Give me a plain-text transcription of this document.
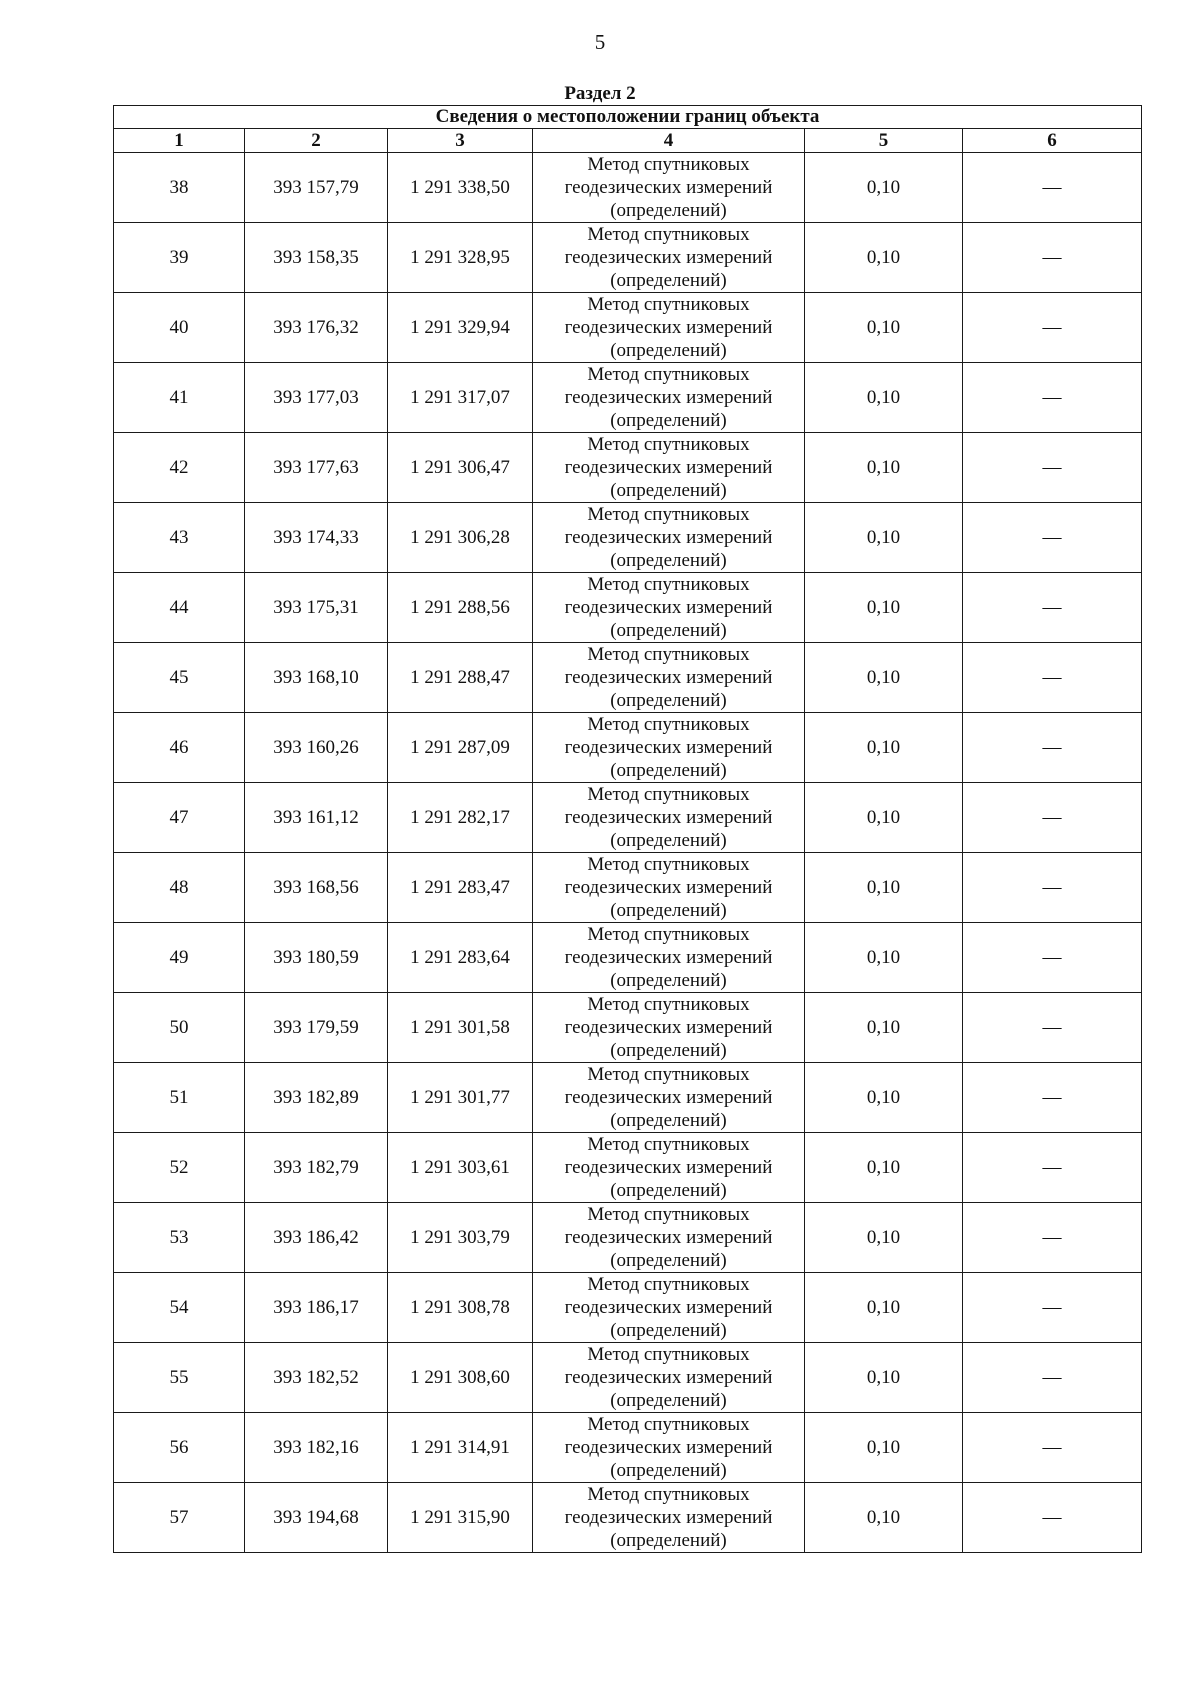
5
Раздел 2
Сведения о местоположении границ объекта					
1	2	3	4	5	6
38	393 157,79	1 291 338,50	Метод спутниковых
геодезических измерений
(определений)	0,10	—
39	393 158,35	1 291 328,95	Метод спутниковых
геодезических измерений
(определений)	0,10	—
40	393 176,32	1 291 329,94	Метод спутниковых
геодезических измерений
(определений)	0,10	—
41	393 177,03	1 291 317,07	Метод спутниковых
геодезических измерений
(определений)	0,10	—
42	393 177,63	1 291 306,47	Метод спутниковых
геодезических измерений
(определений)	0,10	—
43	393 174,33	1 291 306,28	Метод спутниковых
геодезических измерений
(определений)	0,10	—
44	393 175,31	1 291 288,56	Метод спутниковых
геодезических измерений
(определений)	0,10	—
45	393 168,10	1 291 288,47	Метод спутниковых
геодезических измерений
(определений)	0,10	—
46	393 160,26	1 291 287,09	Метод спутниковых
геодезических измерений
(определений)	0,10	—
47	393 161,12	1 291 282,17	Метод спутниковых
геодезических измерений
(определений)	0,10	—
48	393 168,56	1 291 283,47	Метод спутниковых
геодезических измерений
(определений)	0,10	—
49	393 180,59	1 291 283,64	Метод спутниковых
геодезических измерений
(определений)	0,10	—
50	393 179,59	1 291 301,58	Метод спутниковых
геодезических измерений
(определений)	0,10	—
51	393 182,89	1 291 301,77	Метод спутниковых
геодезических измерений
(определений)	0,10	—
52	393 182,79	1 291 303,61	Метод спутниковых
геодезических измерений
(определений)	0,10	—
53	393 186,42	1 291 303,79	Метод спутниковых
геодезических измерений
(определений)	0,10	—
54	393 186,17	1 291 308,78	Метод спутниковых
геодезических измерений
(определений)	0,10	—
55	393 182,52	1 291 308,60	Метод спутниковых
геодезических измерений
(определений)	0,10	—
56	393 182,16	1 291 314,91	Метод спутниковых
геодезических измерений
(определений)	0,10	—
57	393 194,68	1 291 315,90	Метод спутниковых
геодезических измерений
(определений)	0,10	—
